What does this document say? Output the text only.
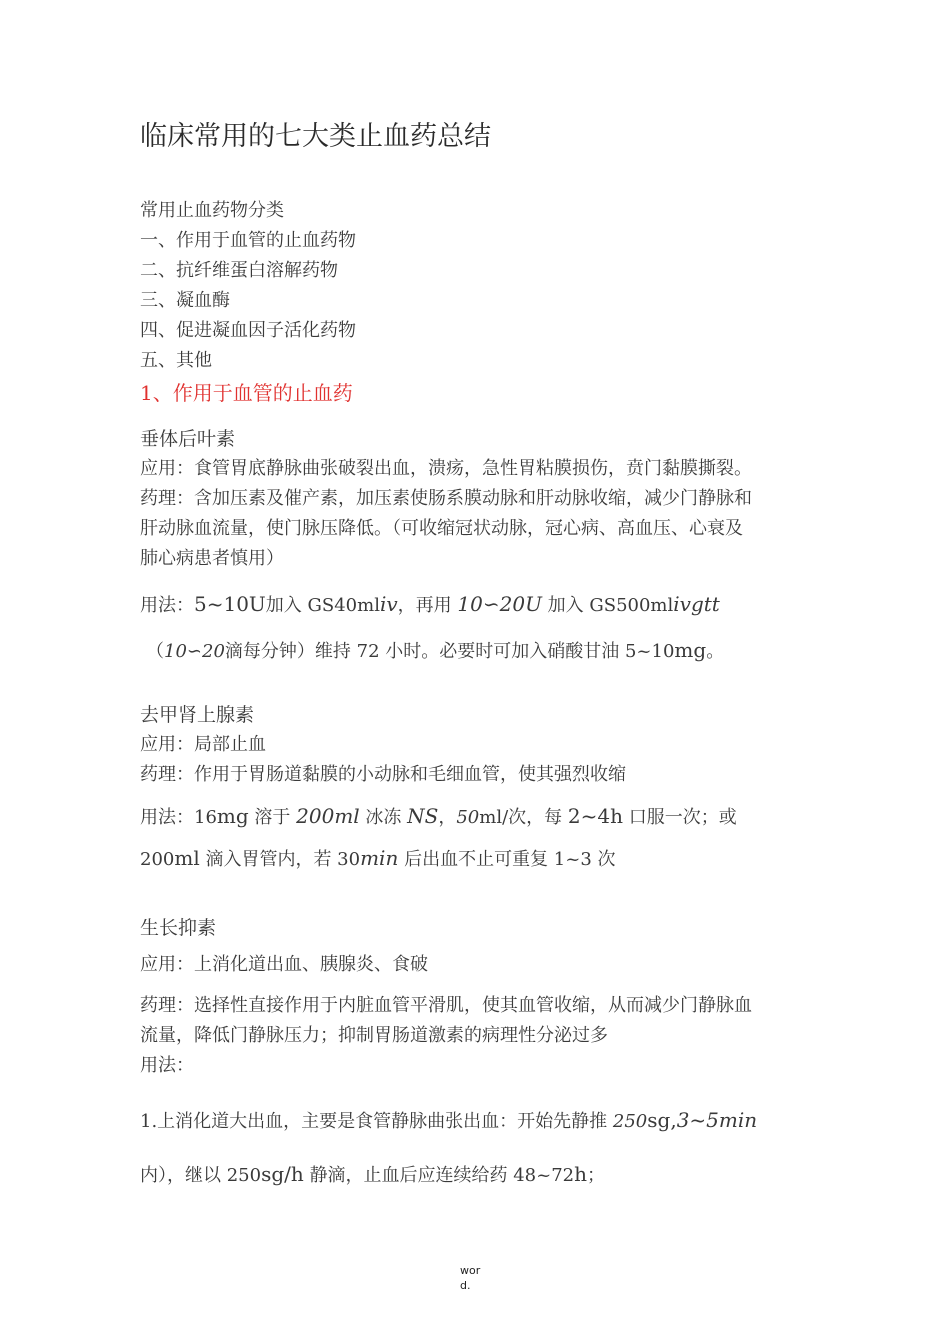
临床常用的七大类止血药总结
常用止血药物分类
一、作用于血管的止血药物
二、抗纤维蛋白溶解药物
三、凝血酶
四、促进凝血因子活化药物
五、其他
1、作用于血管的止血药
垂体后叶素
应用：食管胃底静脉曲张破裂出血，溃疡，急性胃粘膜损伤，贲门黏膜撕裂。
药理：含加压素及催产素，加压素使肠系膜动脉和肝动脉收缩，减少门静脉和
肝动脉血流量，使门脉压降低。（可收缩冠状动脉，冠心病、高血压、心衰及
肺心病患者慎用）
用法：5~10U加入 GS40mliv，再用 10∽20U 加入 GS500mlivgtt
（10∽20滴每分钟）维持 72 小时。必要时可加入硝酸甘油 5~10mg。
去甲肾上腺素
应用：局部止血
药理：作用于胃肠道黏膜的小动脉和毛细血管，使其强烈收缩
用法：16mg 溶于 200ml 冰冻 NS，50ml/次，每 2~4h 口服一次；或
200ml 滴入胃管内，若 30min 后出血不止可重复 1~3 次
生长抑素
应用：上消化道出血、胰腺炎、食破
药理：选择性直接作用于内脏血管平滑肌，使其血管收缩，从而减少门静脉血
流量，降低门静脉压力；抑制胃肠道激素的病理性分泌过多
用法：
1.上消化道大出血，主要是食管静脉曲张出血：开始先静推 250sg,3~5min
内），继以 250sg/h 静滴，止血后应连续给药 48~72h；
wor
d.
